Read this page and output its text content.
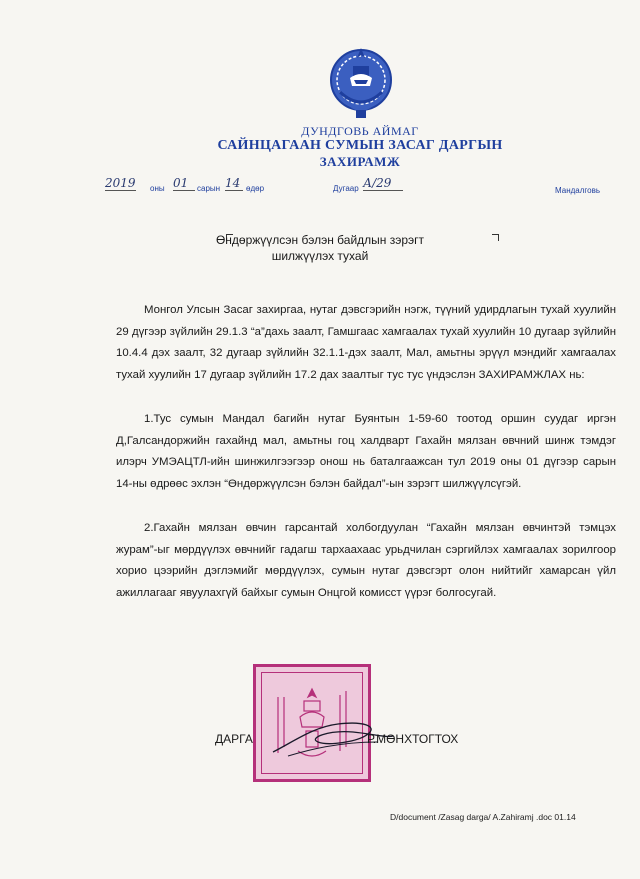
ДУНДГОВЬ АЙМАГ
САЙНЦАГААН СУМЫН ЗАСАГ ДАРГЫН
ЗАХИРАМЖ
2019 оны 01	сарын 14 өдөр	Дугаар А/29
Мандалговь
Өндөржүүлсэн бэлэн байдлын зэрэгт
шилжүүлэх тухай

Монгол Улсын Засаг захиргаа, нутаг дэвсгэрийн нэгж, түүний удирдлагын тухай хуулийн 29 дүгээр зүйлийн 29.1.3 “а”дахь заалт, Гамшгаас хамгаалах тухай хуулийн 10 дугаар зүйлийн 10.4.4 дэх заалт, 32 дугаар зүйлийн 32.1.1-дэх заалт, Мал, амьтны эрүүл мэндийг хамгаалах тухай хуулийн 17 дугаар зүйлийн 17.2 дах заалтыг тус тус үндэслэн ЗАХИРАМЖЛАХ нь:

1.Тус сумын Мандал багийн нутаг Буянтын 1-59-60 тоотод оршин суудаг иргэн Д,Галсандоржийн гахайнд мал, амьтны гоц халдварт Гахайн мялзан өвчний шинж тэмдэг илэрч УМЭАЦТЛ-ийн шинжилгээгээр онош нь баталгаажсан тул 2019 оны 01 дүгээр сарын 14-ны өдрөөс эхлэн “Өндөржүүлсэн бэлэн байдал”-ын зэрэгт шилжүүлсүгэй.

2.Гахайн мялзан өвчин гарсантай холбогдуулан “Гахайн мялзан өвчинтэй тэмцэх журам”-ыг мөрдүүлэх өвчнийг гадагш тархаахаас урьдчилан сэргийлэх хамгаалах зорилгоор хорио цээрийн дэглэмийг мөрдүүлэх, сумын нутаг дэвсгэрт олон нийтийг хамарсан үйл ажиллагааг явуулахгүй байхыг сумын Онцгой комисст үүрэг болгосугай.

ДАРГА	Р.МӨНХТОГТОХ
D/document /Zasag darga/ A.Zahiramj .doc 01.14
